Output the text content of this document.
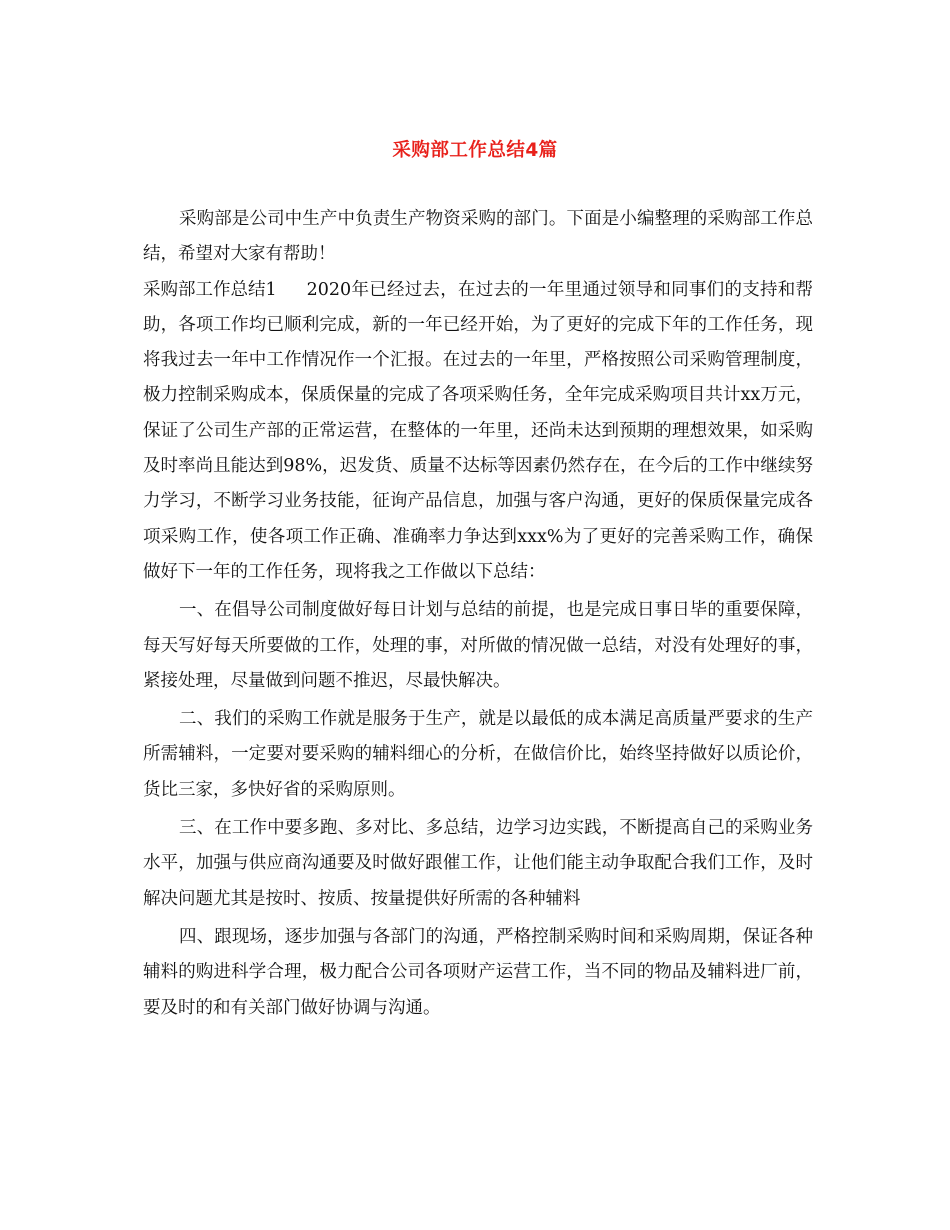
采购部工作总结4篇

采购部是公司中生产中负责生产物资采购的部门。下面是小编整理的采购部工作总结，希望对大家有帮助！

采购部工作总结1 2020年已经过去，在过去的一年里通过领导和同事们的支持和帮助，各项工作均已顺利完成，新的一年已经开始，为了更好的完成下年的工作任务，现将我过去一年中工作情况作一个汇报。在过去的一年里，严格按照公司采购管理制度，极力控制采购成本，保质保量的完成了各项采购任务，全年完成采购项目共计xx万元，保证了公司生产部的正常运营，在整体的一年里，还尚未达到预期的理想效果，如采购及时率尚且能达到98%，迟发货、质量不达标等因素仍然存在，在今后的工作中继续努力学习，不断学习业务技能，征询产品信息，加强与客户沟通，更好的保质保量完成各项采购工作，使各项工作正确、准确率力争达到xxx%为了更好的完善采购工作，确保做好下一年的工作任务，现将我之工作做以下总结：

一、在倡导公司制度做好每日计划与总结的前提，也是完成日事日毕的重要保障，每天写好每天所要做的工作，处理的事，对所做的情况做一总结，对没有处理好的事，紧接处理，尽量做到问题不推迟，尽最快解决。

二、我们的采购工作就是服务于生产，就是以最低的成本满足高质量严要求的生产所需辅料，一定要对要采购的辅料细心的分析，在做信价比，始终坚持做好以质论价，货比三家，多快好省的采购原则。

三、在工作中要多跑、多对比、多总结，边学习边实践，不断提高自己的采购业务水平，加强与供应商沟通要及时做好跟催工作，让他们能主动争取配合我们工作，及时解决问题尤其是按时、按质、按量提供好所需的各种辅料

四、跟现场，逐步加强与各部门的沟通，严格控制采购时间和采购周期，保证各种辅料的购进科学合理，极力配合公司各项财产运营工作，当不同的物品及辅料进厂前，要及时的和有关部门做好协调与沟通。
